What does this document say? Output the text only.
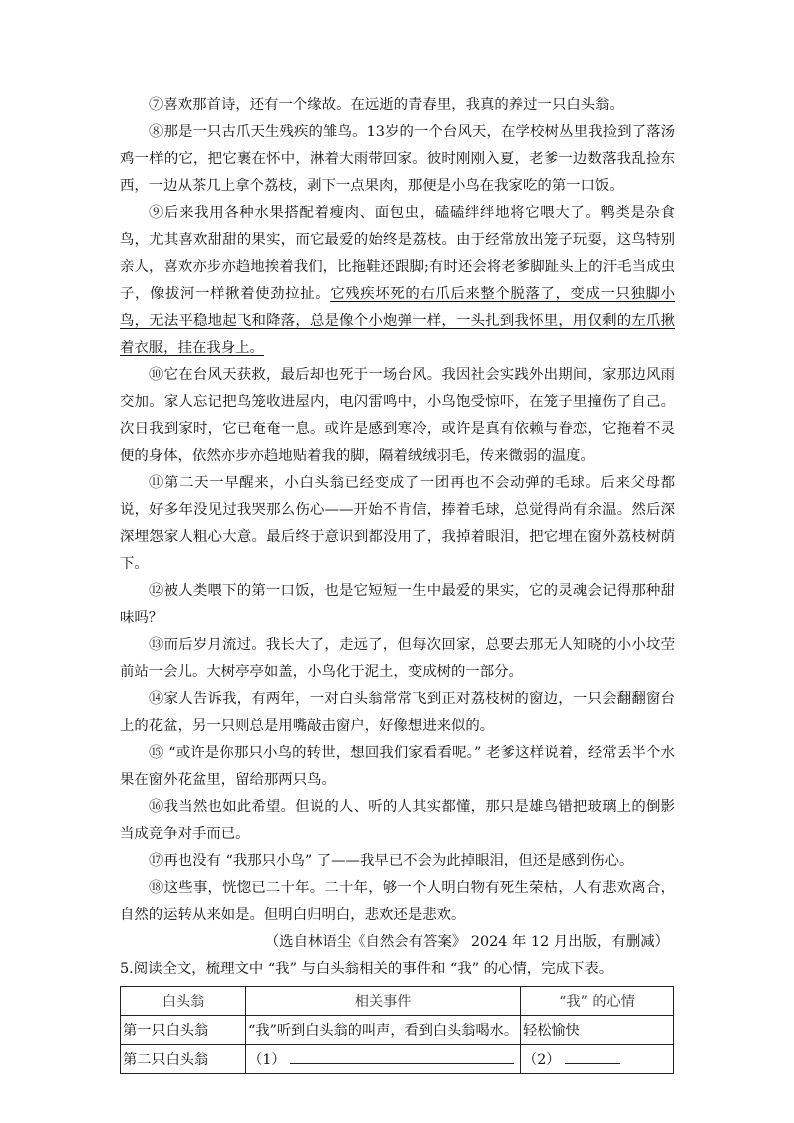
⑦喜欢那首诗，还有一个缘故。在远逝的青春里，我真的养过一只白头翁。

⑧那是一只古爪天生残疾的雏鸟。13岁的一个台风天，在学校树丛里我捡到了落汤鸡一样的它，把它裹在怀中，淋着大雨带回家。彼时刚刚入夏，老爹一边数落我乱捡东西，一边从茶几上拿个荔枝，剥下一点果肉，那便是小鸟在我家吃的第一口饭。

⑨后来我用各种水果搭配着瘦肉、面包虫，磕磕绊绊地将它喂大了。鹎类是杂食鸟，尤其喜欢甜甜的果实，而它最爱的始终是荔枝。由于经常放出笼子玩耍，这鸟特别亲人，喜欢亦步亦趋地挨着我们，比拖鞋还跟脚;有时还会将老爹脚趾头上的汗毛当成虫子，像拔河一样揪着使劲拉扯。它残疾坏死的右爪后来整个脱落了，变成一只独脚小鸟，无法平稳地起飞和降落，总是像个小炮弹一样，一头扎到我怀里，用仅剩的左爪揪着衣服，挂在我身上。

⑩它在台风天获救，最后却也死于一场台风。我因社会实践外出期间，家那边风雨交加。家人忘记把鸟笼收进屋内，电闪雷鸣中，小鸟饱受惊吓，在笼子里撞伤了自己。次日我到家时，它已奄奄一息。或许是感到寒冷，或许是真有依赖与眷恋，它拖着不灵便的身体，依然亦步亦趋地贴着我的脚，隔着绒绒羽毛，传来微弱的温度。

⑪第二天一早醒来，小白头翁已经变成了一团再也不会动弹的毛球。后来父母都说，好多年没见过我哭那么伤心——开始不肯信，捧着毛球，总觉得尚有余温。然后深深埋怨家人粗心大意。最后终于意识到都没用了，我掉着眼泪，把它埋在窗外荔枝树荫下。

⑫被人类喂下的第一口饭，也是它短短一生中最爱的果实，它的灵魂会记得那种甜味吗？

⑬而后岁月流过。我长大了，走远了，但每次回家，总要去那无人知晓的小小坟茔前站一会儿。大树亭亭如盖，小鸟化于泥土，变成树的一部分。

⑭家人告诉我，有两年，一对白头翁常常飞到正对荔枝树的窗边，一只会翻翻窗台上的花盆，另一只则总是用嘴敲击窗户，好像想进来似的。

⑮ “或许是你那只小鸟的转世，想回我们家看看呢。” 老爹这样说着，经常丢半个水果在窗外花盆里，留给那两只鸟。

⑯我当然也如此希望。但说的人、听的人其实都懂，那只是雄鸟错把玻璃上的倒影当成竞争对手而已。

⑰再也没有 “我那只小鸟” 了——我早已不会为此掉眼泪，但还是感到伤心。

⑱这些事，恍惚已二十年。二十年，够一个人明白物有死生荣枯，人有悲欢离合，自然的运转从来如是。但明白归明白，悲欢还是悲欢。

（选自林语尘《自然会有答案》 2024 年 12 月出版，有删减）

5.阅读全文，梳理文中 “我” 与白头翁相关的事件和 “我” 的心情，完成下表。

白头翁	相关事件	“我” 的心情
第一只白头翁	“我”听到白头翁的叫声，看到白头翁喝水。	轻松愉快
第二只白头翁	（1）	（2）
